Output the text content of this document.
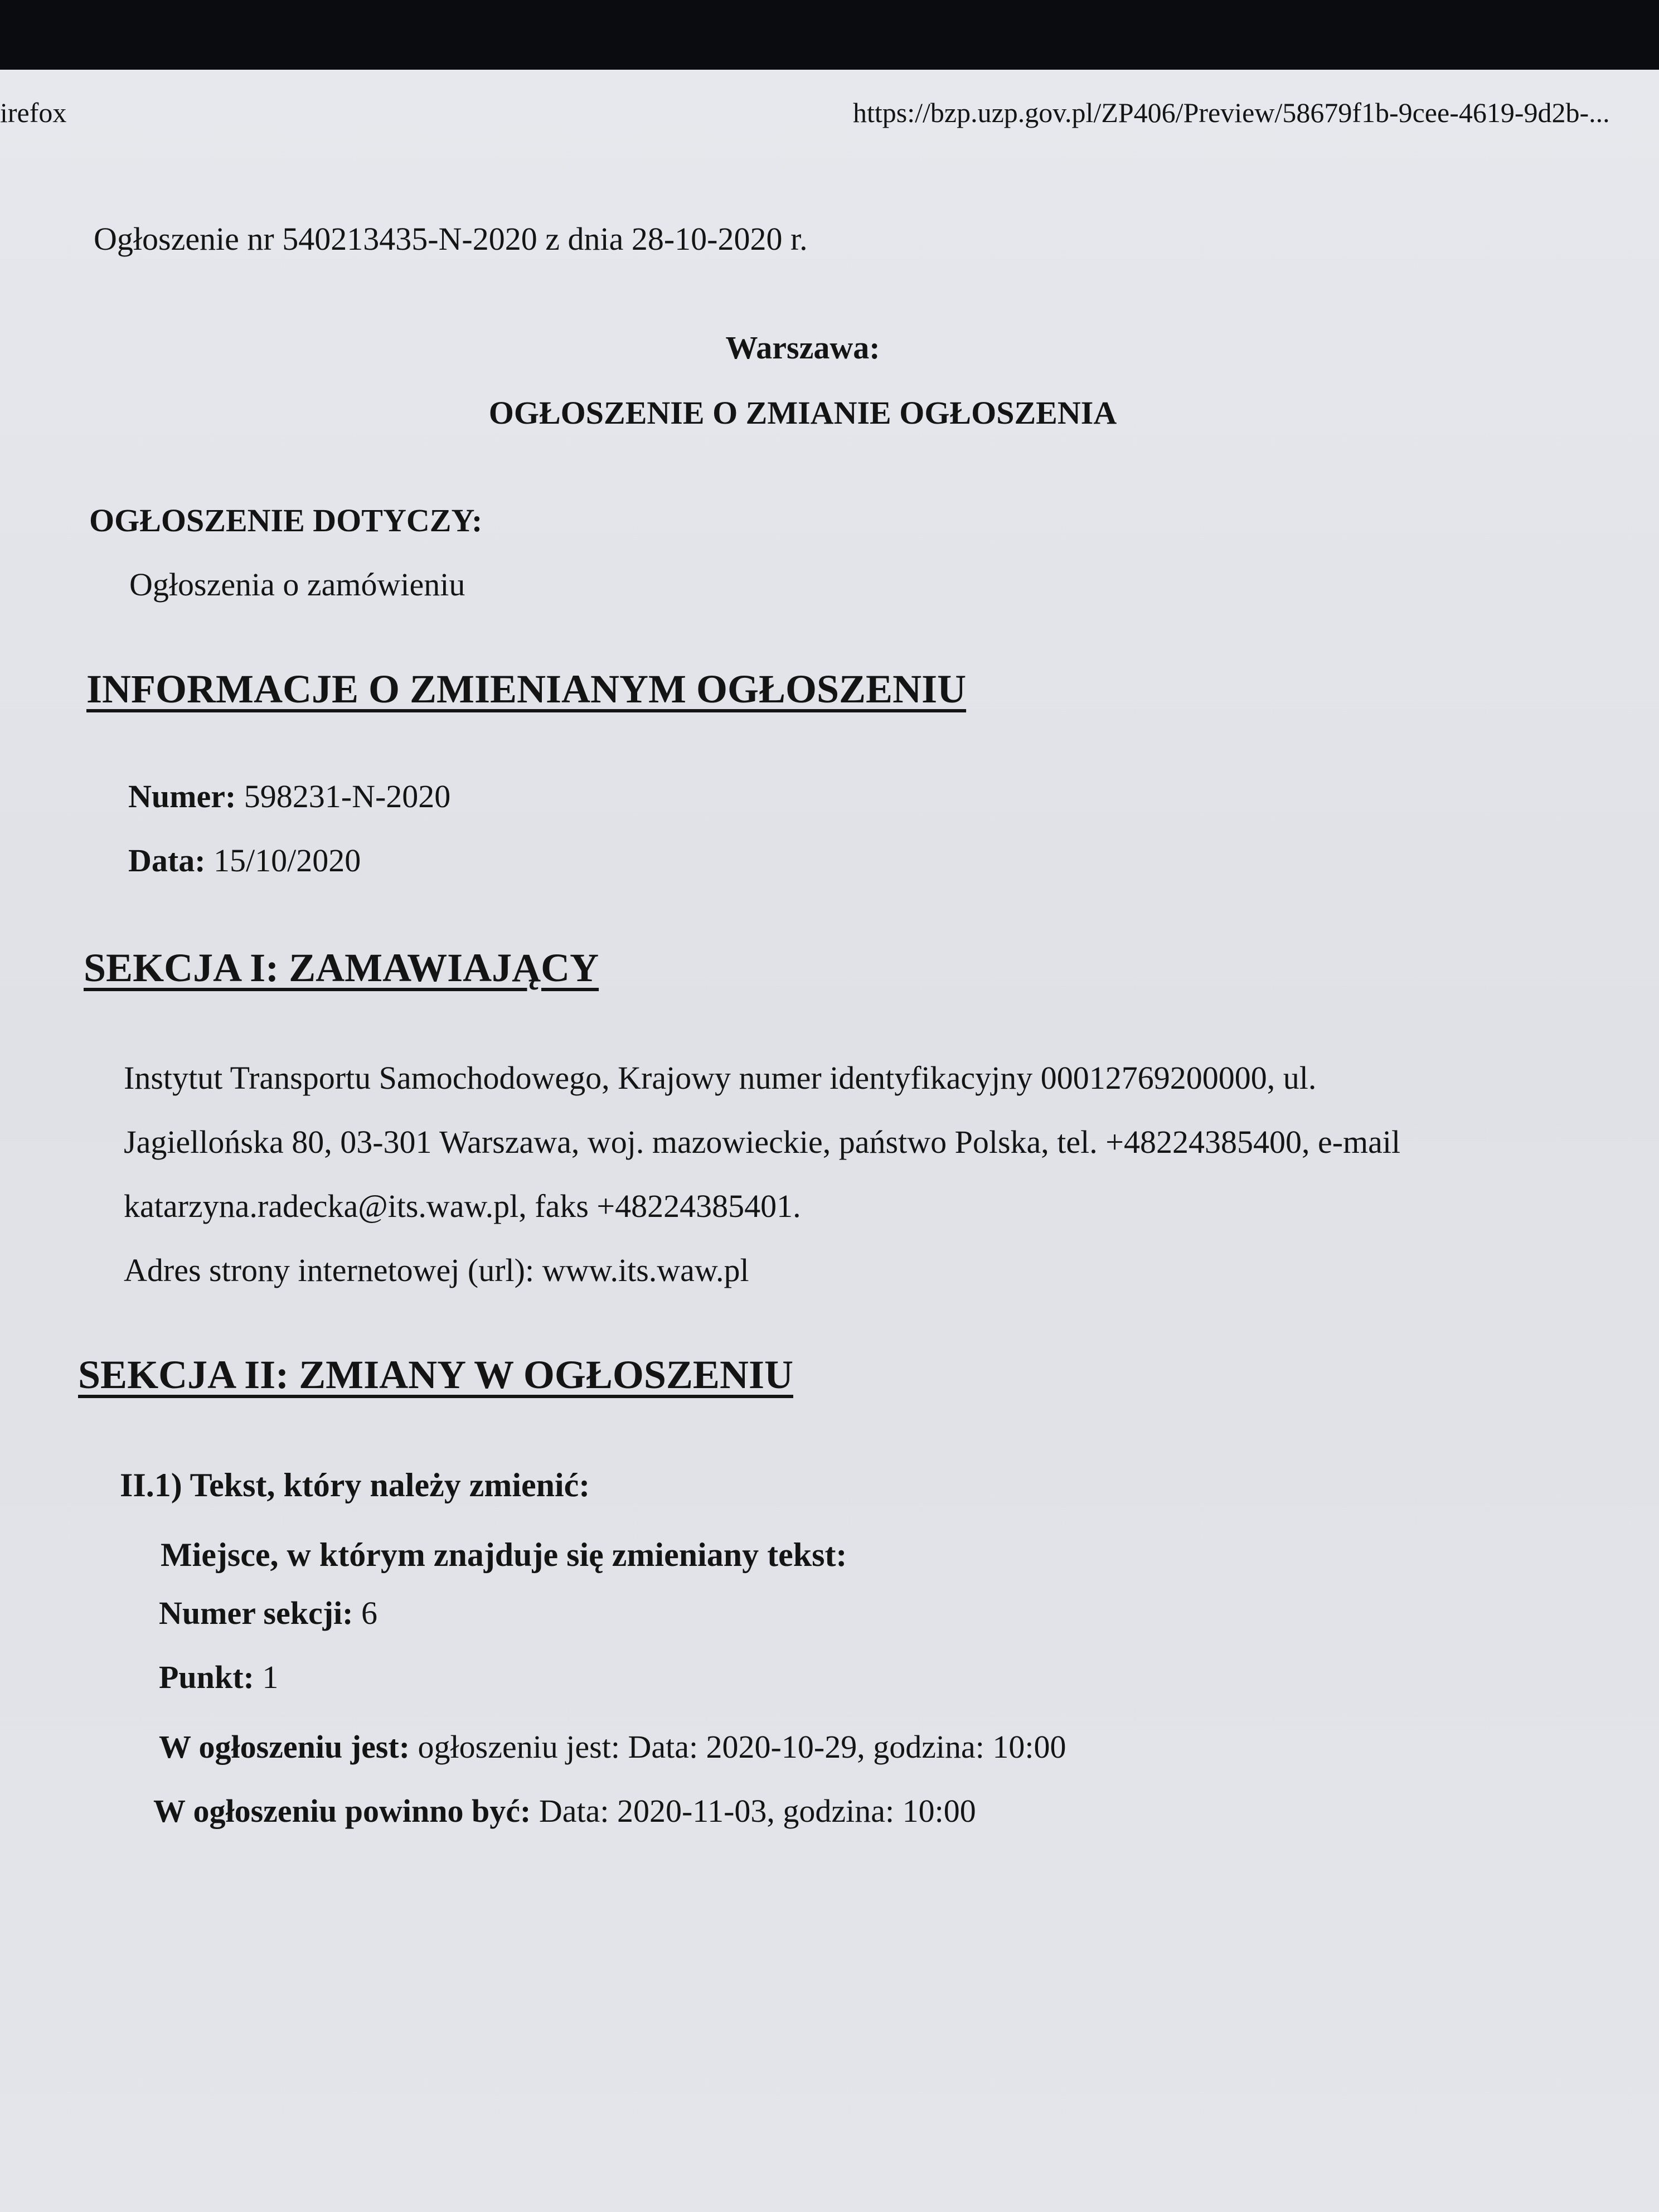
irefox	https://bzp.uzp.gov.pl/ZP406/Preview/58679f1b-9cee-4619-9d2b-...
Ogłoszenie nr 540213435-N-2020 z dnia 28-10-2020 r.
Warszawa:
OGŁOSZENIE O ZMIANIE OGŁOSZENIA
OGŁOSZENIE DOTYCZY:
Ogłoszenia o zamówieniu
INFORMACJE O ZMIENIANYM OGŁOSZENIU
Numer: 598231-N-2020
Data: 15/10/2020
SEKCJA I: ZAMAWIAJĄCY
Instytut Transportu Samochodowego, Krajowy numer identyfikacyjny 00012769200000, ul.
Jagiellońska 80, 03-301 Warszawa, woj. mazowieckie, państwo Polska, tel. +48224385400, e-mail
katarzyna.radecka@its.waw.pl, faks +48224385401.
Adres strony internetowej (url): www.its.waw.pl
SEKCJA II: ZMIANY W OGŁOSZENIU
II.1) Tekst, który należy zmienić:
Miejsce, w którym znajduje się zmieniany tekst:
Numer sekcji: 6
Punkt: 1
W ogłoszeniu jest: ogłoszeniu jest: Data: 2020-10-29, godzina: 10:00
W ogłoszeniu powinno być: Data: 2020-11-03, godzina: 10:00
